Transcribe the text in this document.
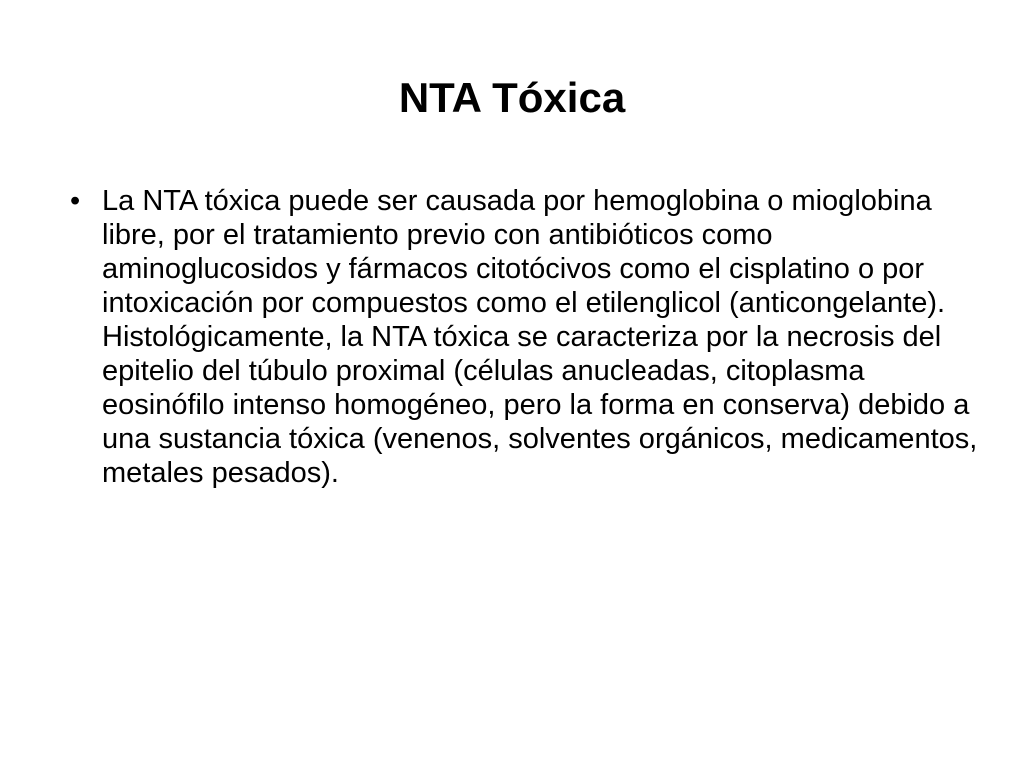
NTA Tóxica
• La NTA tóxica puede ser causada por hemoglobina o mioglobina libre, por el tratamiento previo con antibióticos como aminoglucosidos y fármacos citotócivos como el cisplatino o por intoxicación por compuestos como el etilenglicol (anticongelante). Histológicamente, la NTA tóxica se caracteriza por la necrosis del epitelio del túbulo proximal (células anucleadas, citoplasma eosinófilo intenso homogéneo, pero la forma en conserva) debido a una sustancia tóxica (venenos, solventes orgánicos, medicamentos, metales pesados).
